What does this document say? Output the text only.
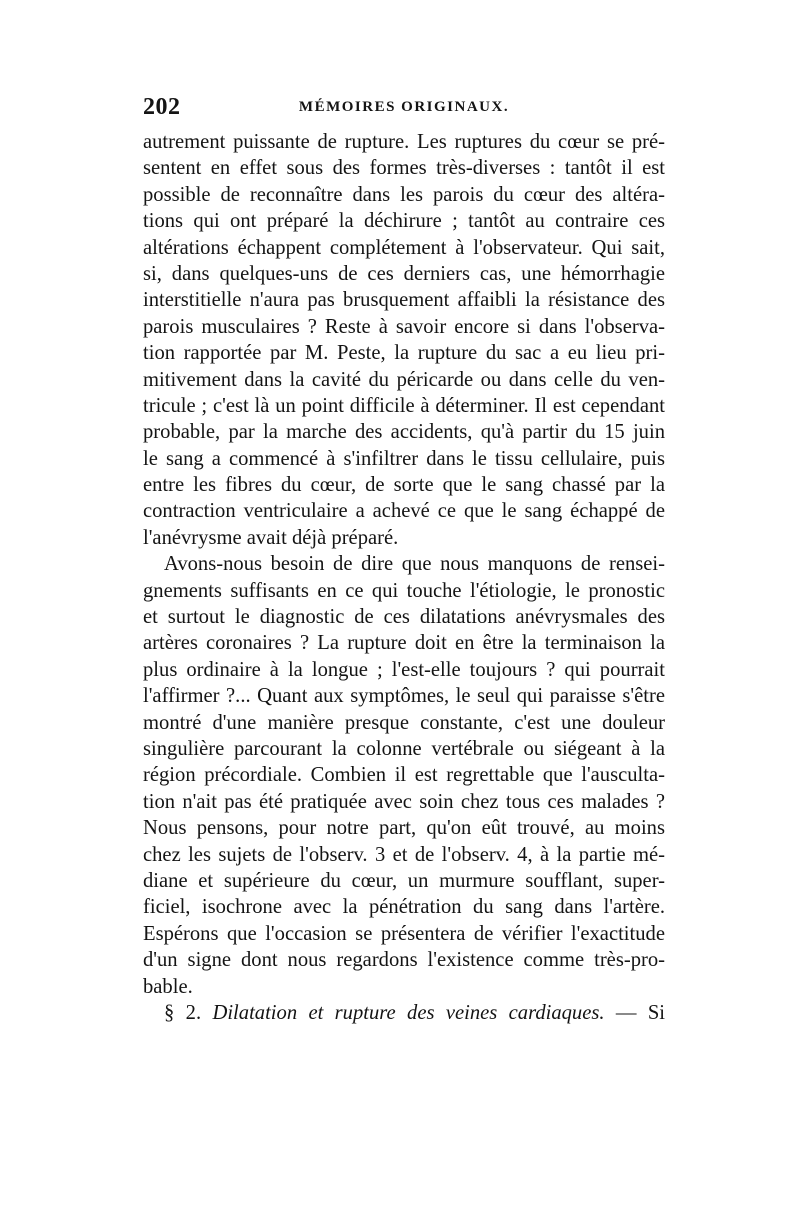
202	MÉMOIRES ORIGINAUX.
autrement puissante de rupture. Les ruptures du cœur se pré-
sentent en effet sous des formes très-diverses : tantôt il est
possible de reconnaître dans les parois du cœur des altéra-
tions qui ont préparé la déchirure ; tantôt au contraire ces
altérations échappent complétement à l'observateur. Qui sait,
si, dans quelques-uns de ces derniers cas, une hémorrhagie
interstitielle n'aura pas brusquement affaibli la résistance des
parois musculaires ? Reste à savoir encore si dans l'observa-
tion rapportée par M. Peste, la rupture du sac a eu lieu pri-
mitivement dans la cavité du péricarde ou dans celle du ven-
tricule ; c'est là un point difficile à déterminer. Il est cependant
probable, par la marche des accidents, qu'à partir du 15 juin
le sang a commencé à s'infiltrer dans le tissu cellulaire, puis
entre les fibres du cœur, de sorte que le sang chassé par la
contraction ventriculaire a achevé ce que le sang échappé de
l'anévrysme avait déjà préparé.
Avons-nous besoin de dire que nous manquons de rensei-
gnements suffisants en ce qui touche l'étiologie, le pronostic
et surtout le diagnostic de ces dilatations anévrysmales des
artères coronaires ? La rupture doit en être la terminaison la
plus ordinaire à la longue ; l'est-elle toujours ? qui pourrait
l'affirmer ?... Quant aux symptômes, le seul qui paraisse s'être
montré d'une manière presque constante, c'est une douleur
singulière parcourant la colonne vertébrale ou siégeant à la
région précordiale. Combien il est regrettable que l'ausculta-
tion n'ait pas été pratiquée avec soin chez tous ces malades ?
Nous pensons, pour notre part, qu'on eût trouvé, au moins
chez les sujets de l'observ. 3 et de l'observ. 4, à la partie mé-
diane et supérieure du cœur, un murmure soufflant, super-
ficiel, isochrone avec la pénétration du sang dans l'artère.
Espérons que l'occasion se présentera de vérifier l'exactitude
d'un signe dont nous regardons l'existence comme très-pro-
bable.
§ 2. Dilatation et rupture des veines cardiaques. — Si
